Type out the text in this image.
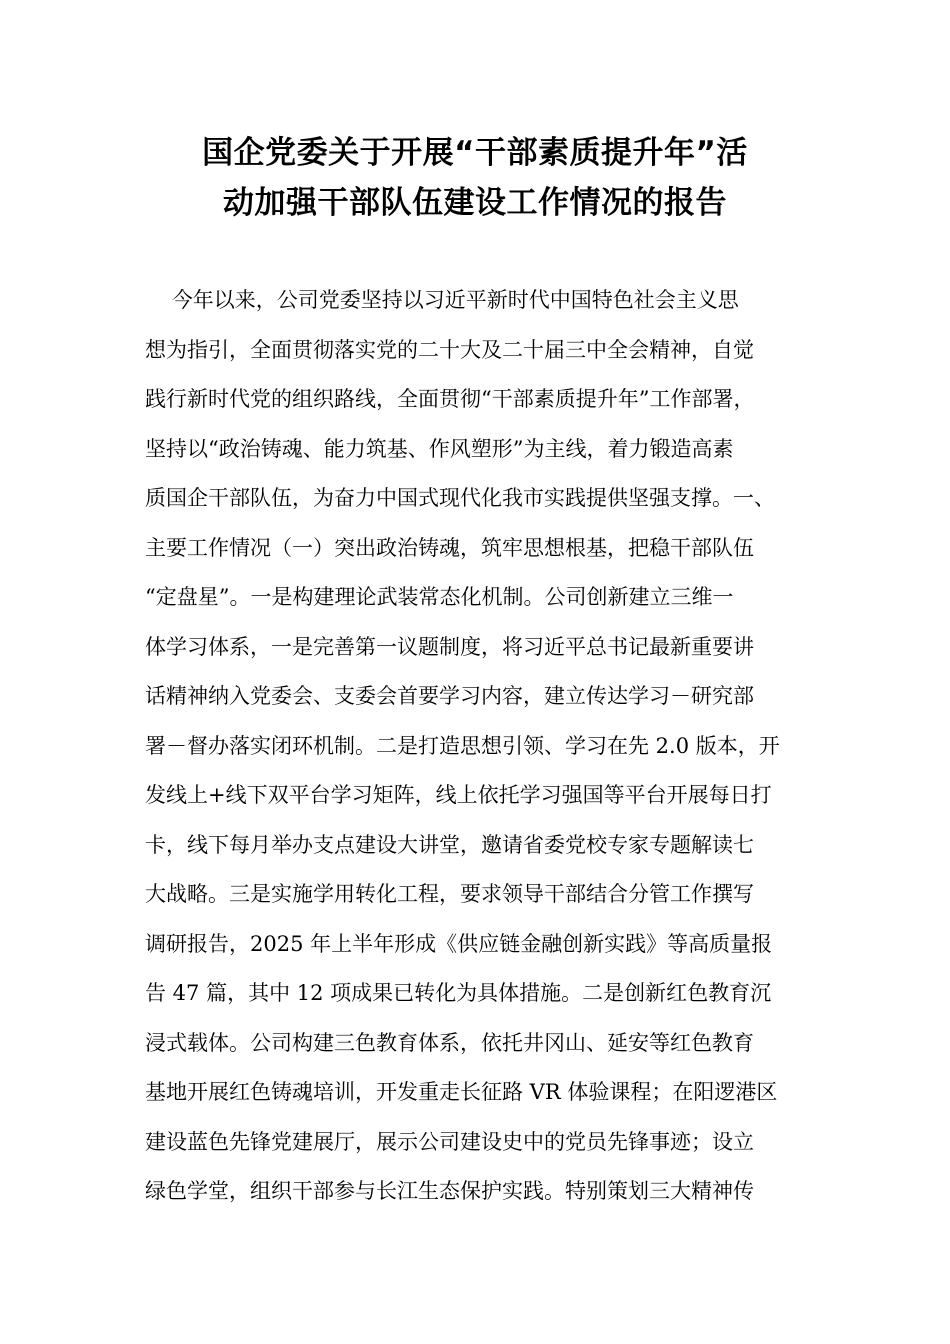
国企党委关于开展“干部素质提升年”活
动加强干部队伍建设工作情况的报告
今年以来，公司党委坚持以习近平新时代中国特色社会主义思
想为指引，全面贯彻落实党的二十大及二十届三中全会精神，自觉
践行新时代党的组织路线，全面贯彻“干部素质提升年”工作部署，
坚持以“政治铸魂、能力筑基、作风塑形”为主线，着力锻造高素
质国企干部队伍，为奋力中国式现代化我市实践提供坚强支撑。一、
主要工作情况（一）突出政治铸魂，筑牢思想根基，把稳干部队伍
“定盘星”。一是构建理论武装常态化机制。公司创新建立三维一
体学习体系，一是完善第一议题制度，将习近平总书记最新重要讲
话精神纳入党委会、支委会首要学习内容，建立传达学习－研究部
署－督办落实闭环机制。二是打造思想引领、学习在先 2.0 版本，开
发线上+线下双平台学习矩阵，线上依托学习强国等平台开展每日打
卡，线下每月举办支点建设大讲堂，邀请省委党校专家专题解读七
大战略。三是实施学用转化工程，要求领导干部结合分管工作撰写
调研报告，2025 年上半年形成《供应链金融创新实践》等高质量报
告 47 篇，其中 12 项成果已转化为具体措施。二是创新红色教育沉
浸式载体。公司构建三色教育体系，依托井冈山、延安等红色教育
基地开展红色铸魂培训，开发重走长征路 VR 体验课程；在阳逻港区
建设蓝色先锋党建展厅，展示公司建设史中的党员先锋事迹；设立
绿色学堂，组织干部参与长江生态保护实践。特别策划三大精神传
